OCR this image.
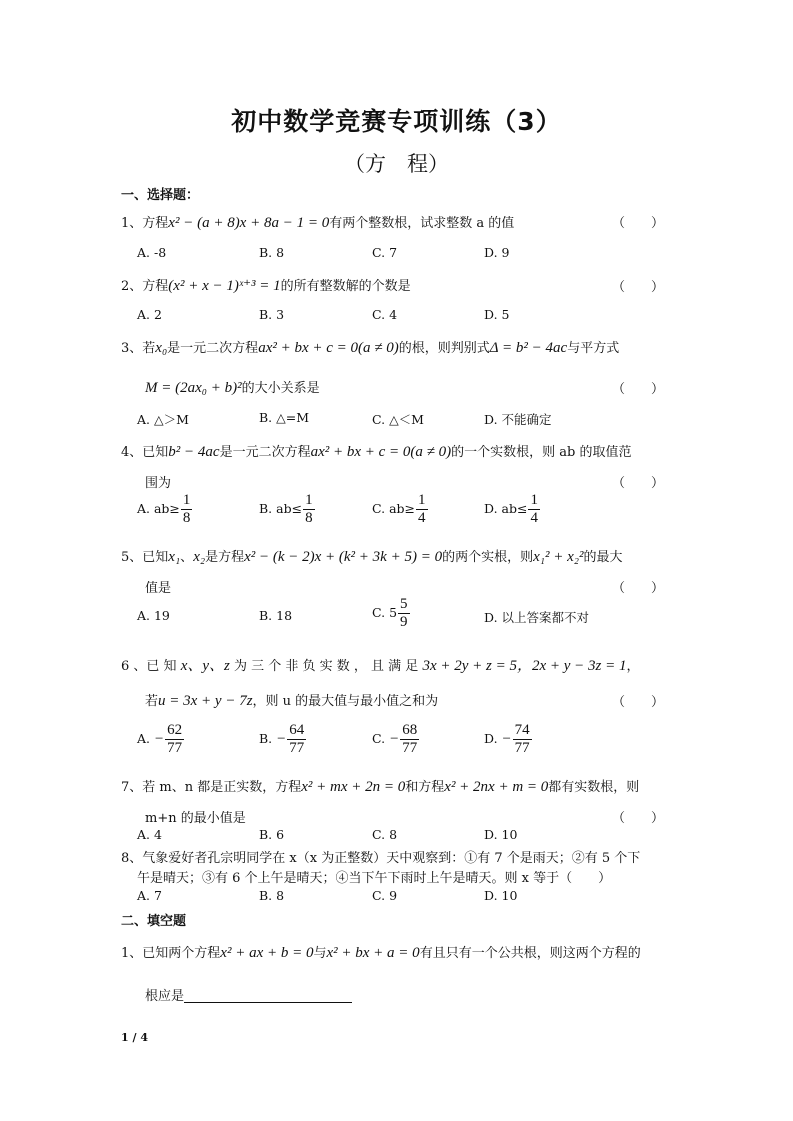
初中数学竞赛专项训练（3）
（方　程）
一、选择题：
1、方程x² − (a + 8)x + 8a − 1 = 0有两个整数根，试求整数 a 的值	（　　）
A. -8	B. 8	C. 7	D. 9
2、方程(x² + x − 1)ˣ⁺³ = 1的所有整数解的个数是	（　　）
A. 2	B. 3	C. 4	D. 5
3、若x₀是一元二次方程ax² + bx + c = 0(a ≠ 0)的根，则判别式Δ = b² − 4ac与平方式
M = (2ax₀ + b)²的大小关系是	（　　）
A. △＞M	B. △=M	C. △＜M	D. 不能确定
4、已知b² − 4ac是一元二次方程ax² + bx + c = 0(a ≠ 0)的一个实数根，则 ab 的取值范
围为	（　　）
A. $ab\ge \frac{1}{8}$	B. $ab\le \frac{1}{8}$	C. $ab\ge \frac{1}{4}$	D. $ab\le \frac{1}{4}$
5、已知x₁、x₂是方程x² − (k − 2)x + (k² + 3k + 5) = 0的两个实根，则x₁² + x₂²的最大
值是	（　　）
A. 19	B. 18	C. $5 \frac{5}{9}$	D. 以上答案都不对
6 、已 知 x、y、z 为 三 个 非 负 实 数 ， 且 满 足 3x + 2y + z = 5，2x + y − 3z = 1，
若u = 3x + y − 7z，则 u 的最大值与最小值之和为	（　　）
A. − $\frac{62}{77}$	B. − $\frac{64}{77}$	C. − $\frac{68}{77}$	D. − $\frac{74}{77}$
7、若 m、n 都是正实数，方程x² + mx + 2n = 0和方程x² + 2nx + m = 0都有实数根，则
m+n 的最小值是	（　　）
A. 4	B. 6	C. 8	D. 10
8、气象爱好者孔宗明同学在 x（x 为正整数）天中观察到：①有 7 个是雨天；②有 5 个下
午是晴天；③有 6 个上午是晴天；④当下午下雨时上午是晴天。则 x 等于（　　）
A. 7	B. 8	C. 9	D. 10
二、填空题
1、已知两个方程x² + ax + b = 0与x² + bx + a = 0有且只有一个公共根，则这两个方程的
根应是
1 / 4
